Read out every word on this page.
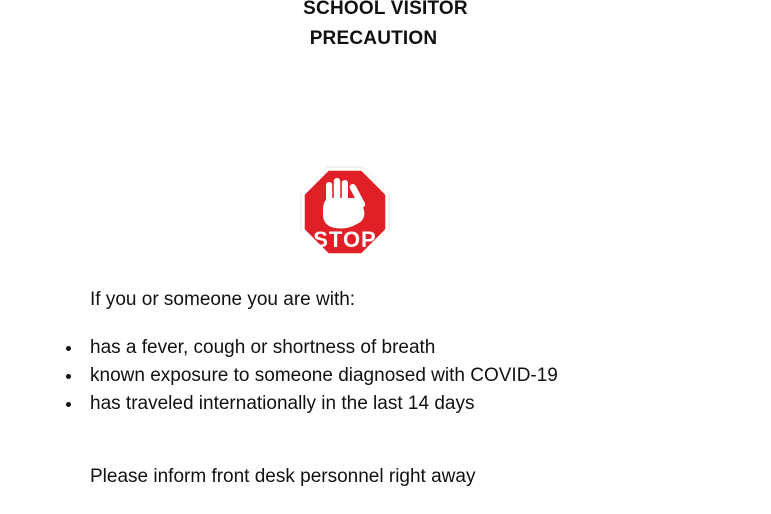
SCHOOL VISITOR
PRECAUTION
STOP

If you or someone you are with:

has a fever, cough or shortness of breath
known exposure to someone diagnosed with COVID-19
has traveled internationally in the last 14 days

Please inform front desk personnel right away
